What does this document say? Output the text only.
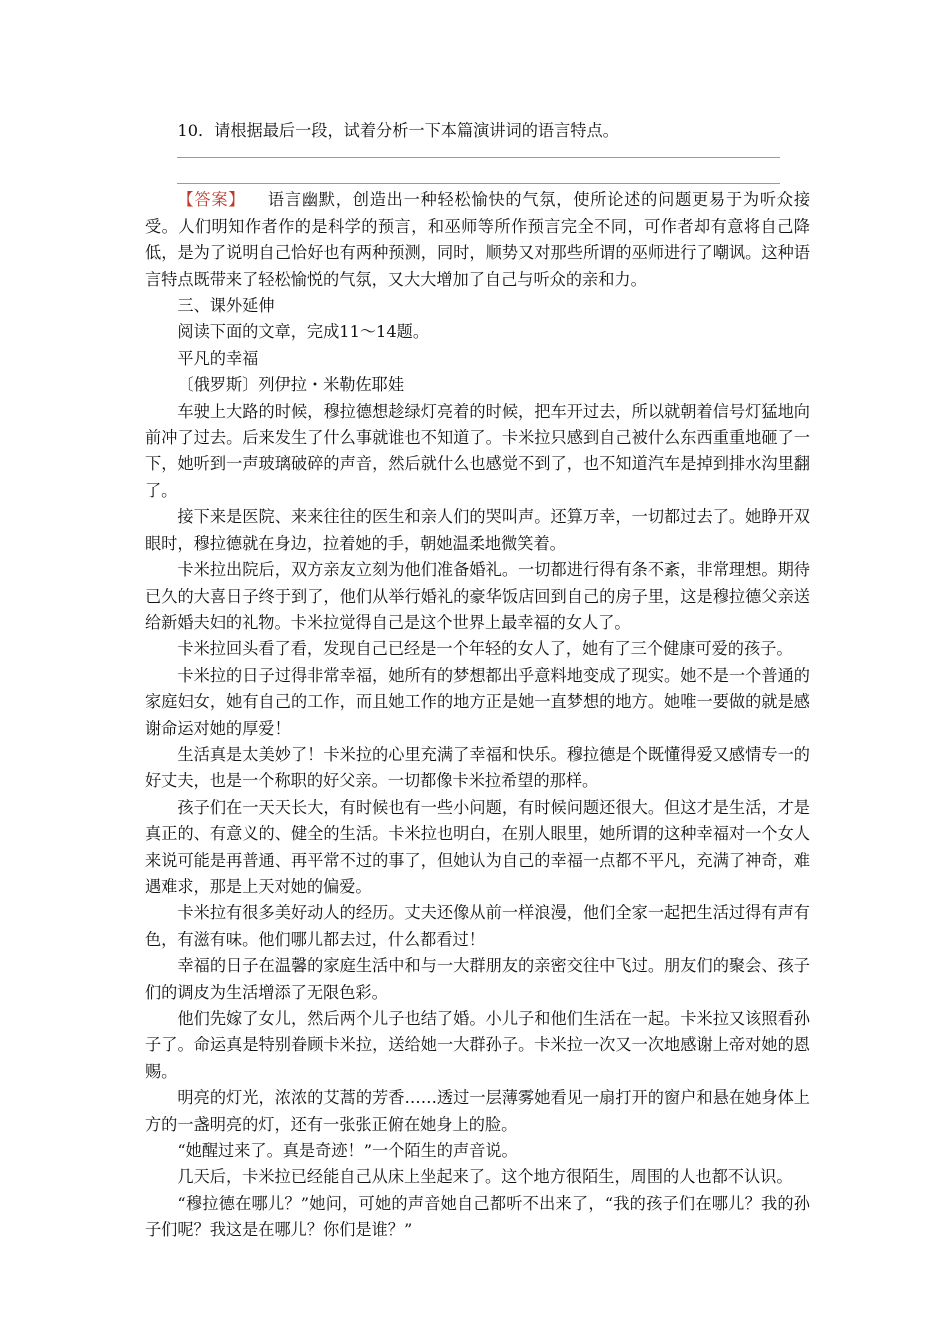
10．请根据最后一段，试着分析一下本篇演讲词的语言特点。

【答案】 语言幽默，创造出一种轻松愉快的气氛，使所论述的问题更易于为听众接受。人们明知作者作的是科学的预言，和巫师等所作预言完全不同，可作者却有意将自己降低，是为了说明自己恰好也有两种预测，同时，顺势又对那些所谓的巫师进行了嘲讽。这种语言特点既带来了轻松愉悦的气氛，又大大增加了自己与听众的亲和力。

三、课外延伸

阅读下面的文章，完成11～14题。

平凡的幸福

〔俄罗斯〕列伊拉・米勒佐耶娃

车驶上大路的时候，穆拉德想趁绿灯亮着的时候，把车开过去，所以就朝着信号灯猛地向前冲了过去。后来发生了什么事就谁也不知道了。卡米拉只感到自己被什么东西重重地砸了一下，她听到一声玻璃破碎的声音，然后就什么也感觉不到了，也不知道汽车是掉到排水沟里翻了。

接下来是医院、来来往往的医生和亲人们的哭叫声。还算万幸，一切都过去了。她睁开双眼时，穆拉德就在身边，拉着她的手，朝她温柔地微笑着。

卡米拉出院后，双方亲友立刻为他们准备婚礼。一切都进行得有条不紊，非常理想。期待已久的大喜日子终于到了，他们从举行婚礼的豪华饭店回到自己的房子里，这是穆拉德父亲送给新婚夫妇的礼物。卡米拉觉得自己是这个世界上最幸福的女人了。

卡米拉回头看了看，发现自己已经是一个年轻的女人了，她有了三个健康可爱的孩子。

卡米拉的日子过得非常幸福，她所有的梦想都出乎意料地变成了现实。她不是一个普通的家庭妇女，她有自己的工作，而且她工作的地方正是她一直梦想的地方。她唯一要做的就是感谢命运对她的厚爱！

生活真是太美妙了！卡米拉的心里充满了幸福和快乐。穆拉德是个既懂得爱又感情专一的好丈夫，也是一个称职的好父亲。一切都像卡米拉希望的那样。

孩子们在一天天长大，有时候也有一些小问题，有时候问题还很大。但这才是生活，才是真正的、有意义的、健全的生活。卡米拉也明白，在别人眼里，她所谓的这种幸福对一个女人来说可能是再普通、再平常不过的事了，但她认为自己的幸福一点都不平凡，充满了神奇，难遇难求，那是上天对她的偏爱。

卡米拉有很多美好动人的经历。丈夫还像从前一样浪漫，他们全家一起把生活过得有声有色，有滋有味。他们哪儿都去过，什么都看过！

幸福的日子在温馨的家庭生活中和与一大群朋友的亲密交往中飞过。朋友们的聚会、孩子们的调皮为生活增添了无限色彩。

他们先嫁了女儿，然后两个儿子也结了婚。小儿子和他们生活在一起。卡米拉又该照看孙子了。命运真是特别眷顾卡米拉，送给她一大群孙子。卡米拉一次又一次地感谢上帝对她的恩赐。

明亮的灯光，浓浓的艾蒿的芳香……透过一层薄雾她看见一扇打开的窗户和悬在她身体上方的一盏明亮的灯，还有一张张正俯在她身上的脸。

“她醒过来了。真是奇迹！”一个陌生的声音说。

几天后，卡米拉已经能自己从床上坐起来了。这个地方很陌生，周围的人也都不认识。

“穆拉德在哪儿？”她问，可她的声音她自己都听不出来了，“我的孩子们在哪儿？我的孙子们呢？我这是在哪儿？你们是谁？”
